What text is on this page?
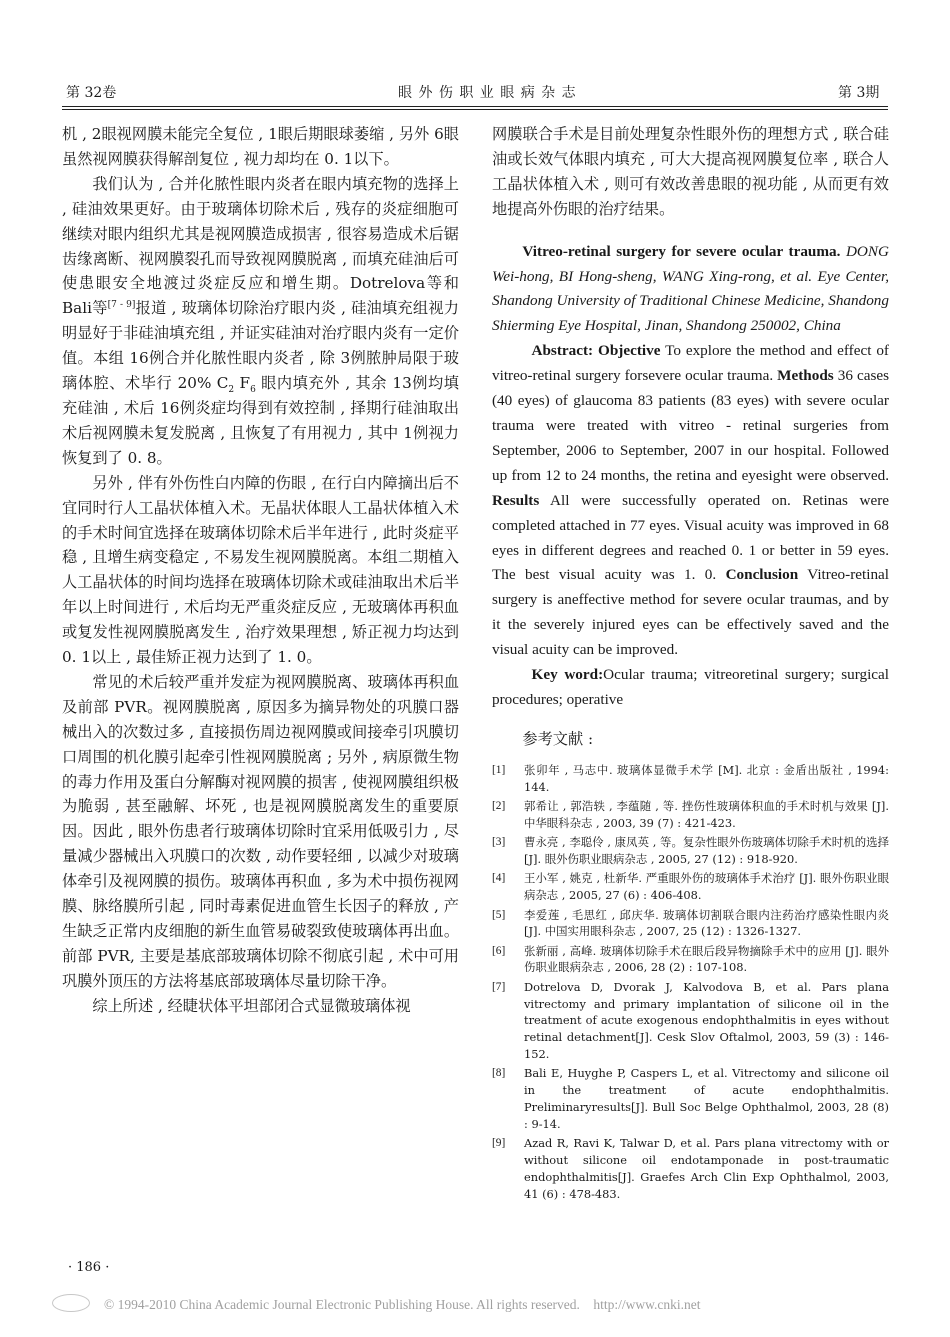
第 32卷	眼 外 伤 职 业 眼 病 杂 志	第 3期

机 , 2眼视网膜未能完全复位 , 1眼后期眼球萎缩 , 另外 6眼虽然视网膜获得解剖复位 , 视力却均在 0. 1以下。

我们认为 , 合并化脓性眼内炎者在眼内填充物的选择上 , 硅油效果更好。由于玻璃体切除术后 , 残存的炎症细胞可继续对眼内组织尤其是视网膜造成损害 , 很容易造成术后锯齿缘离断、视网膜裂孔而导致视网膜脱离 , 而填充硅油后可使患眼安全地渡过炎症反应和增生期。Dotrelova等和 Bali等[7 - 9]报道 , 玻璃体切除治疗眼内炎 , 硅油填充组视力明显好于非硅油填充组 , 并证实硅油对治疗眼内炎有一定价值。本组 16例合并化脓性眼内炎者 , 除 3例脓肿局限于玻璃体腔、术毕行 20% $C_2$ $F_6$ 眼内填充外 , 其余 13例均填充硅油 , 术后 16例炎症均得到有效控制 , 择期行硅油取出术后视网膜未复发脱离 , 且恢复了有用视力 , 其中 1例视力恢复到了 0. 8。

另外 , 伴有外伤性白内障的伤眼 , 在行白内障摘出后不宜同时行人工晶状体植入术。无晶状体眼人工晶状体植入术的手术时间宜选择在玻璃体切除术后半年进行 , 此时炎症平稳 , 且增生病变稳定 , 不易发生视网膜脱离。本组二期植入人工晶状体的时间均选择在玻璃体切除术或硅油取出术后半年以上时间进行 , 术后均无严重炎症反应 , 无玻璃体再积血或复发性视网膜脱离发生 , 治疗效果理想 , 矫正视力均达到 0. 1以上 , 最佳矫正视力达到了 1. 0。

常见的术后较严重并发症为视网膜脱离、玻璃体再积血及前部 PVR。视网膜脱离 , 原因多为摘异物处的巩膜口器械出入的次数过多 , 直接损伤周边视网膜或间接牵引巩膜切口周围的机化膜引起牵引性视网膜脱离 ; 另外 , 病原微生物的毒力作用及蛋白分解酶对视网膜的损害 , 使视网膜组织极为脆弱 , 甚至融解、坏死 , 也是视网膜脱离发生的重要原因。因此 , 眼外伤患者行玻璃体切除时宜采用低吸引力 , 尽量减少器械出入巩膜口的次数 , 动作要轻细 , 以减少对玻璃体牵引及视网膜的损伤。玻璃体再积血 , 多为术中损伤视网膜、脉络膜所引起 , 同时毒素促进血管生长因子的释放 , 产生缺乏正常内皮细胞的新生血管易破裂致使玻璃体再出血。前部 PVR, 主要是基底部玻璃体切除不彻底引起 , 术中可用巩膜外顶压的方法将基底部玻璃体尽量切除干净。

综上所述 , 经睫状体平坦部闭合式显微玻璃体视

网膜联合手术是目前处理复杂性眼外伤的理想方式 , 联合硅油或长效气体眼内填充 , 可大大提高视网膜复位率 , 联合人工晶状体植入术 , 则可有效改善患眼的视功能 , 从而更有效地提高外伤眼的治疗结果。

Vitreo-retinal surgery for severe ocular trauma. DONG Wei-hong, BI Hong-sheng, WANG Xing-rong, et al. Eye Center, Shandong University of Traditional Chinese Medicine, Shandong Shierming Eye Hospital, Jinan, Shandong 250002, China

Abstract: Objective To explore the method and effect of vitreo-retinal surgery forsevere ocular trauma. Methods 36 cases (40 eyes) of glaucoma 83 patients (83 eyes) with severe ocular trauma were treated with vitreo - retinal surgeries from September, 2006 to September, 2007 in our hospital. Followed up from 12 to 24 months, the retina and eyesight were observed. Results All were successfully operated on. Retinas were completed attached in 77 eyes. Visual acuity was improved in 68 eyes in different degrees and reached 0. 1 or better in 59 eyes. The best visual acuity was 1. 0. Conclusion Vitreo-retinal surgery is aneffective method for severe ocular traumas, and by it the severely injured eyes can be effectively saved and the visual acuity can be improved.

Key word:Ocular trauma; vitreoretinal surgery; surgical procedures; operative

参考文献 :

[1]	张卯年 , 马志中. 玻璃体显微手术学 [M]. 北京 : 金盾出版社 , 1994: 144.
[2]	郭希让 , 郭浩轶 , 李蕴随 , 等. 挫伤性玻璃体积血的手术时机与效果 [J]. 中华眼科杂志 , 2003, 39 (7) : 421-423.
[3]	曹永亮 , 李聪伶 , 康凤英 , 等。复杂性眼外伤玻璃体切除手术时机的选择 [J]. 眼外伤职业眼病杂志 , 2005, 27 (12) : 918-920.
[4]	王小军 , 姚克 , 杜新华. 严重眼外伤的玻璃体手术治疗 [J]. 眼外伤职业眼病杂志 , 2005, 27 (6) : 406-408.
[5]	李爱莲 , 毛思红 , 邱庆华. 玻璃体切割联合眼内注药治疗感染性眼内炎 [J]. 中国实用眼科杂志 , 2007, 25 (12) : 1326-1327.
[6]	张新丽 , 高峰. 玻璃体切除手术在眼后段异物摘除手术中的应用 [J]. 眼外伤职业眼病杂志 , 2006, 28 (2) : 107-108.
[7]	Dotrelova D, Dvorak J, Kalvodova B, et al. Pars plana vitrectomy and primary implantation of silicone oil in the treatment of acute exogenous endophthalmitis in eyes without retinal detachment[J]. Cesk Slov Oftalmol, 2003, 59 (3) : 146-152.
[8]	Bali E, Huyghe P, Caspers L, et al. Vitrectomy and silicone oil in the treatment of acute endophthalmitis. Preliminaryresults[J]. Bull Soc Belge Ophthalmol, 2003, 28 (8) : 9-14.
[9]	Azad R, Ravi K, Talwar D, et al. Pars plana vitrectomy with or without silicone oil endotamponade in post-traumatic endophthalmitis[J]. Graefes Arch Clin Exp Ophthalmol, 2003, 41 (6) : 478-483.
· 186 ·
© 1994-2010 China Academic Journal Electronic Publishing House. All rights reserved.    http://www.cnki.net
